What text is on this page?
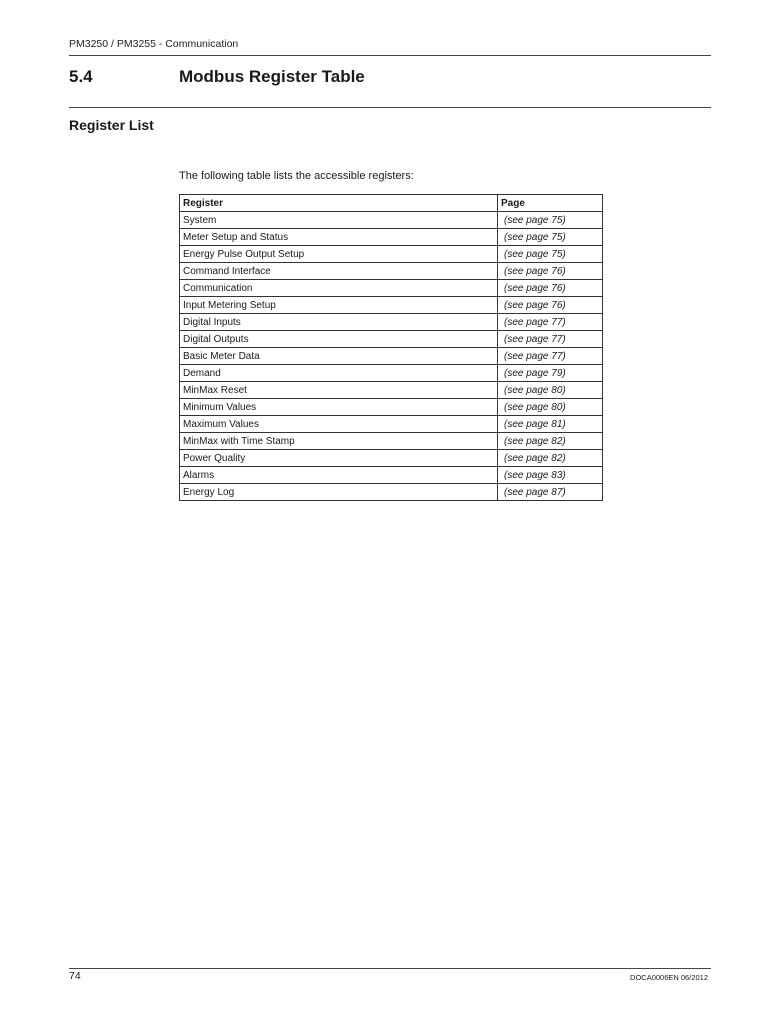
PM3250 / PM3255 - Communication
5.4	Modbus Register Table
Register List
The following table lists the accessible registers:
Register	Page
System	(see page 75)
Meter Setup and Status	(see page 75)
Energy Pulse Output Setup	(see page 75)
Command Interface	(see page 76)
Communication	(see page 76)
Input Metering Setup	(see page 76)
Digital Inputs	(see page 77)
Digital Outputs	(see page 77)
Basic Meter Data	(see page 77)
Demand	(see page 79)
MinMax Reset	(see page 80)
Minimum Values	(see page 80)
Maximum Values	(see page 81)
MinMax with Time Stamp	(see page 82)
Power Quality	(see page 82)
Alarms	(see page 83)
Energy Log	(see page 87)
74	DOCA0006EN 06/2012
